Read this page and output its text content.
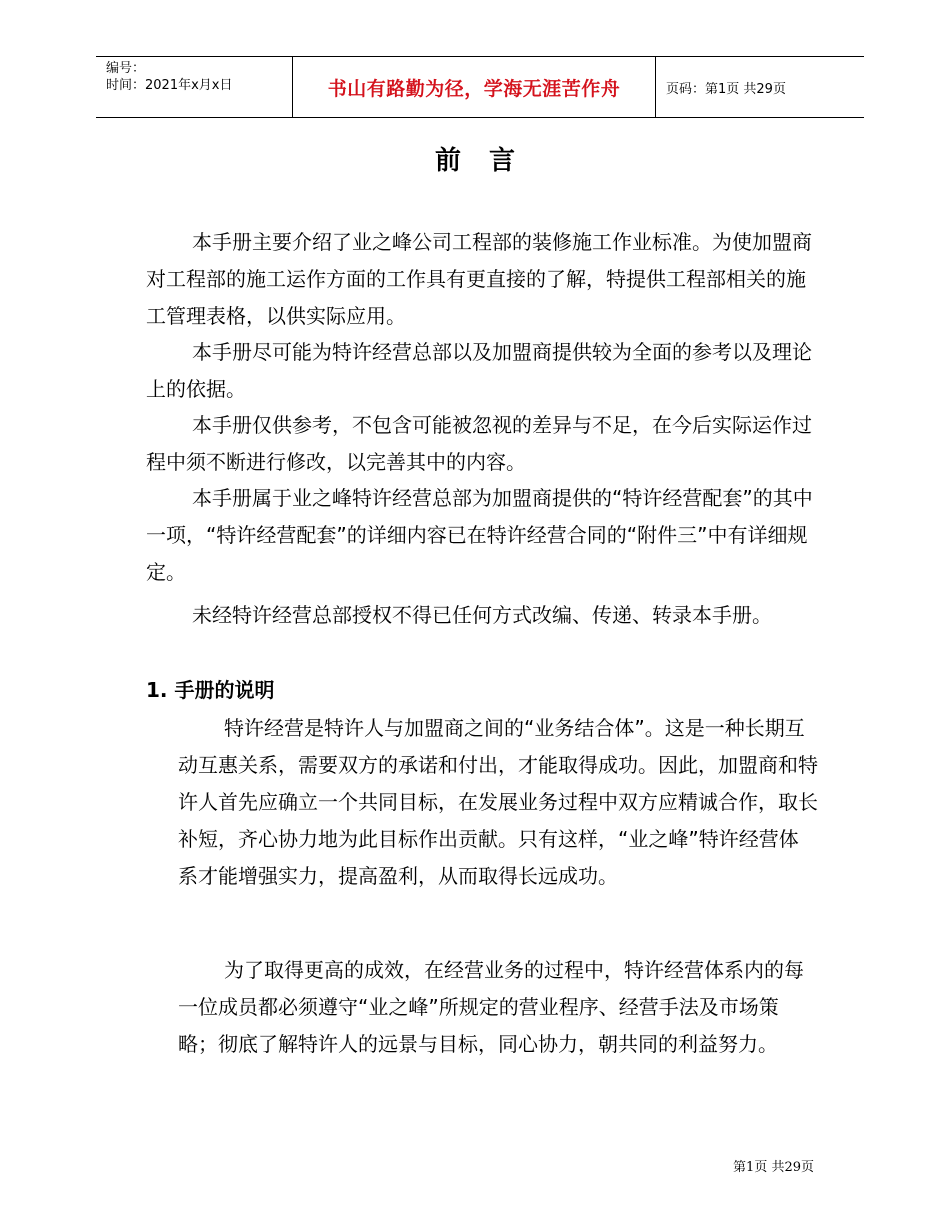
编号：
时间：2021年x月x日	书山有路勤为径，学海无涯苦作舟	页码：第1页 共29页
前言

本手册主要介绍了业之峰公司工程部的装修施工作业标准。为使加盟商对工程部的施工运作方面的工作具有更直接的了解，特提供工程部相关的施工管理表格，以供实际应用。

本手册尽可能为特许经营总部以及加盟商提供较为全面的参考以及理论上的依据。

本手册仅供参考，不包含可能被忽视的差异与不足，在今后实际运作过程中须不断进行修改，以完善其中的内容。

本手册属于业之峰特许经营总部为加盟商提供的“特许经营配套”的其中一项，“特许经营配套”的详细内容已在特许经营合同的“附件三”中有详细规定。

未经特许经营总部授权不得已任何方式改编、传递、转录本手册。

1. 手册的说明

特许经营是特许人与加盟商之间的“业务结合体”。这是一种长期互动互惠关系，需要双方的承诺和付出，才能取得成功。因此，加盟商和特许人首先应确立一个共同目标，在发展业务过程中双方应精诚合作，取长补短，齐心协力地为此目标作出贡献。只有这样，“业之峰”特许经营体系才能增强实力，提高盈利，从而取得长远成功。

为了取得更高的成效，在经营业务的过程中，特许经营体系内的每一位成员都必须遵守“业之峰”所规定的营业程序、经营手法及市场策略；彻底了解特许人的远景与目标，同心协力，朝共同的利益努力。

第1页 共29页
